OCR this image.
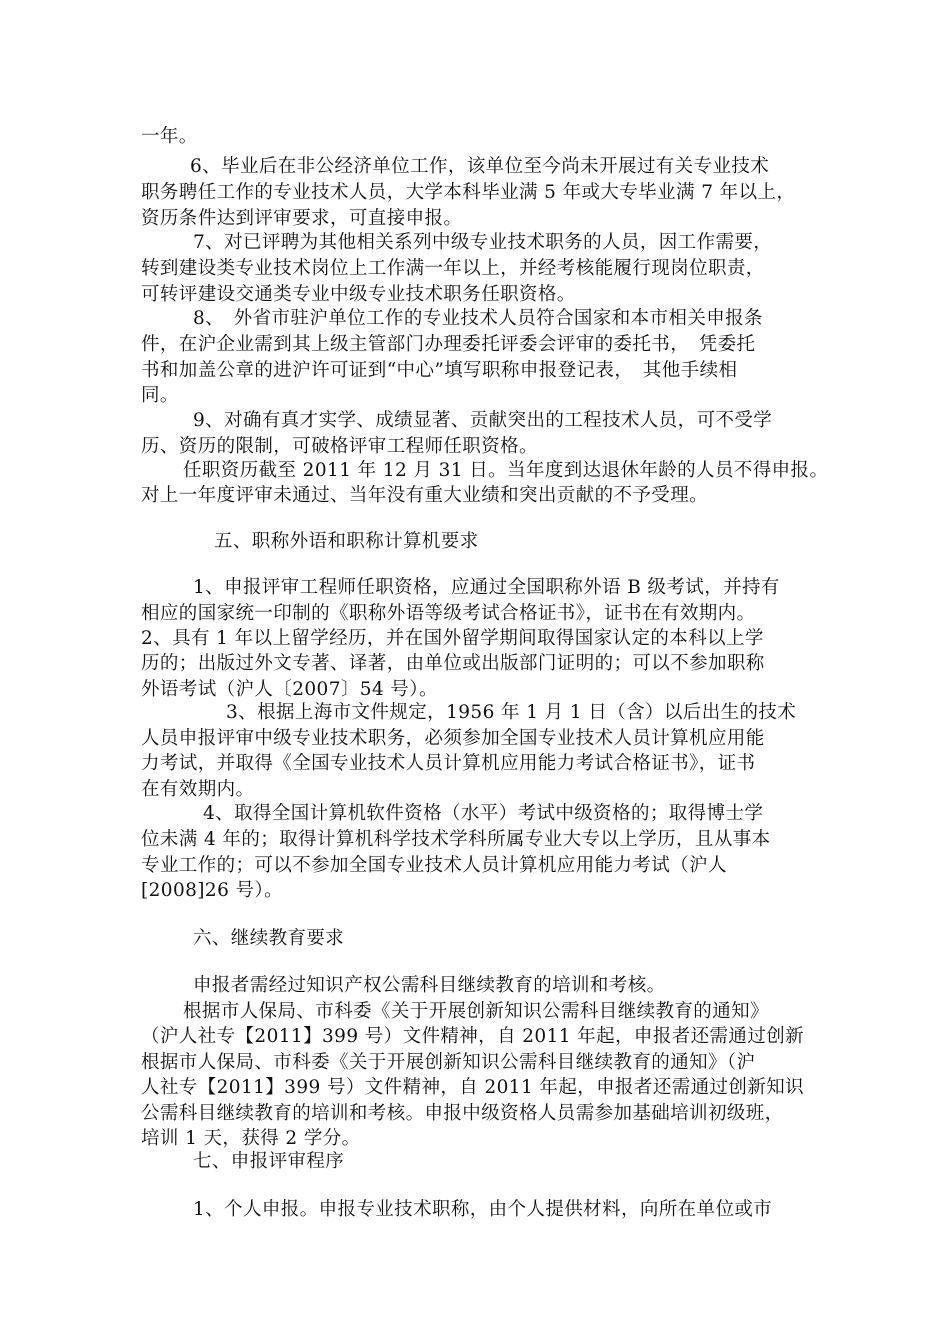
一年。
6、毕业后在非公经济单位工作，该单位至今尚未开展过有关专业技术
职务聘任工作的专业技术人员，大学本科毕业满 5 年或大专毕业满 7 年以上，
资历条件达到评审要求，可直接申报。
7、对已评聘为其他相关系列中级专业技术职务的人员，因工作需要，
转到建设类专业技术岗位上工作满一年以上，并经考核能履行现岗位职责，
可转评建设交通类专业中级专业技术职务任职资格。
8、　外省市驻沪单位工作的专业技术人员符合国家和本市相关申报条
件，在沪企业需到其上级主管部门办理委托评委会评审的委托书，　凭委托
书和加盖公章的进沪许可证到“中心”填写职称申报登记表，　其他手续相
同。
9、对确有真才实学、成绩显著、贡献突出的工程技术人员，可不受学
历、资历的限制，可破格评审工程师任职资格。
任职资历截至 2011 年 12 月 31 日。当年度到达退休年龄的人员不得申报。
对上一年度评审未通过、当年没有重大业绩和突出贡献的不予受理。
五、职称外语和职称计算机要求
1、申报评审工程师任职资格，应通过全国职称外语 B 级考试，并持有
相应的国家统一印制的《职称外语等级考试合格证书》，证书在有效期内。
2、具有 1 年以上留学经历，并在国外留学期间取得国家认定的本科以上学
历的；出版过外文专著、译著，由单位或出版部门证明的；可以不参加职称
外语考试（沪人〔2007〕54 号）。
3、根据上海市文件规定，1956 年 1 月 1 日（含）以后出生的技术
人员申报评审中级专业技术职务，必须参加全国专业技术人员计算机应用能
力考试，并取得《全国专业技术人员计算机应用能力考试合格证书》，证书
在有效期内。
4、取得全国计算机软件资格（水平）考试中级资格的；取得博士学
位未满 4 年的；取得计算机科学技术学科所属专业大专以上学历，且从事本
专业工作的；可以不参加全国专业技术人员计算机应用能力考试（沪人
[2008]26 号）。
六、继续教育要求
申报者需经过知识产权公需科目继续教育的培训和考核。
根据市人保局、市科委《关于开展创新知识公需科目继续教育的通知》
（沪人社专【2011】399 号）文件精神，自 2011 年起，申报者还需通过创新
根据市人保局、市科委《关于开展创新知识公需科目继续教育的通知》（沪
人社专【2011】399 号）文件精神，自 2011 年起，申报者还需通过创新知识
公需科目继续教育的培训和考核。申报中级资格人员需参加基础培训初级班，
培训 1 天，获得 2 学分。
七、申报评审程序
1、个人申报。申报专业技术职称，由个人提供材料，向所在单位或市
